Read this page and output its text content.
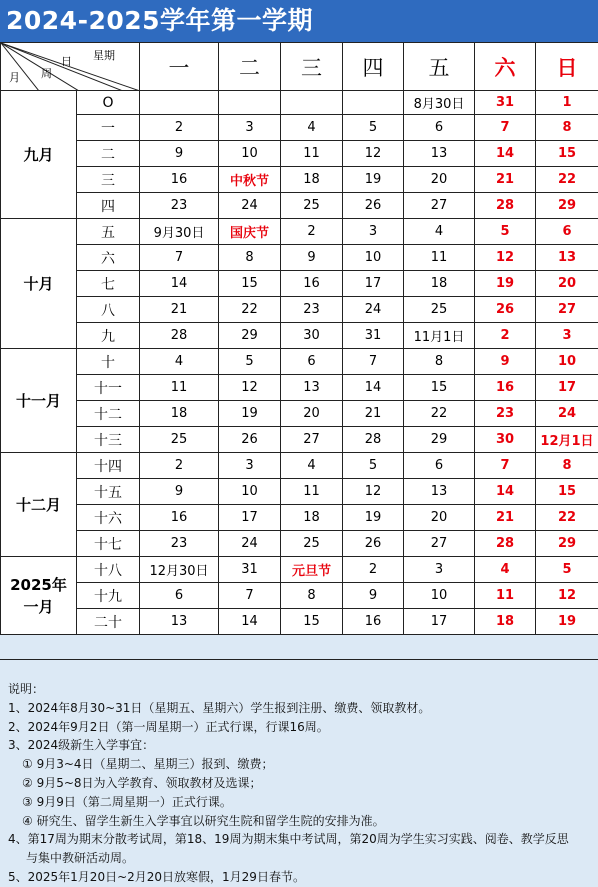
2024-2025学年第一学期
星期
日
周
月		一	二	三	四	五	六	日
九月	O					8月30日	31	1
	一	2	3	4	5	6	7	8
	二	9	10	11	12	13	14	15
	三	16	中秋节	18	19	20	21	22
	四	23	24	25	26	27	28	29
十月	五	9月30日	国庆节	2	3	4	5	6
	六	7	8	9	10	11	12	13
	七	14	15	16	17	18	19	20
	八	21	22	23	24	25	26	27
	九	28	29	30	31	11月1日	2	3
十一月	十	4	5	6	7	8	9	10
	十一	11	12	13	14	15	16	17
	十二	18	19	20	21	22	23	24
	十三	25	26	27	28	29	30	12月1日
十二月	十四	2	3	4	5	6	7	8
	十五	9	10	11	12	13	14	15
	十六	16	17	18	19	20	21	22
	十七	23	24	25	26	27	28	29

2025年
一月	十八	12月30日	31	元旦节	2	3	4	5
	十九	6	7	8	9	10	11	12
	二十	13	14	15	16	17	18	19
说明：
1、2024年8月30~31日（星期五、星期六）学生报到注册、缴费、领取教材。
2、2024年9月2日（第一周星期一）正式行课，行课16周。
3、2024级新生入学事宜：
① 9月3~4日（星期二、星期三）报到、缴费；
② 9月5~8日为入学教育、领取教材及选课；
③ 9月9日（第二周星期一）正式行课。
④ 研究生、留学生新生入学事宜以研究生院和留学生院的安排为准。
4、第17周为期末分散考试周，第18、19周为期末集中考试周，第20周为学生实习实践、阅卷、教学反思
与集中教研活动周。
5、2025年1月20日~2月20日放寒假，1月29日春节。
